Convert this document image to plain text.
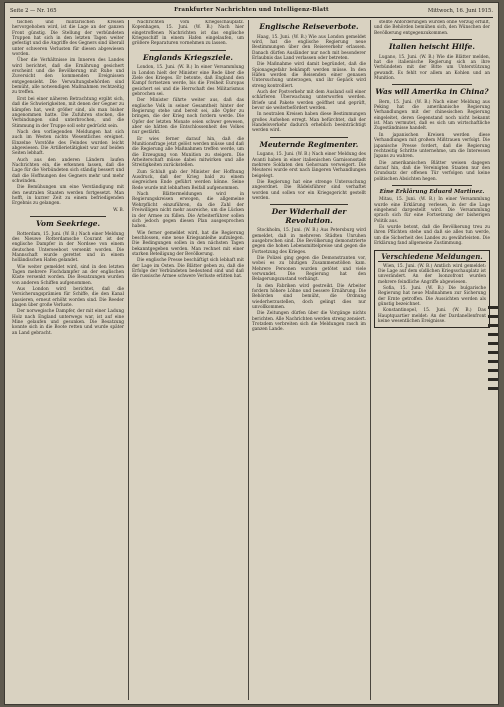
Seite 2 — Nr. 165	Frankfurter Nachrichten und Intelligenz-Blatt	Mittwoch, 16. Juni 1915.

tischen und militärischen Kreisen hervorgehoben wird, ist die Lage an der ganzen Front günstig. Die Stellung der verbündeten Truppen hat sich in den letzten Tagen weiter gefestigt und die Angriffe des Gegners sind überall unter schweren Verlusten für diesen abgewiesen worden.

Über die Verhältnisse im Inneren des Landes wird berichtet, daß die Ernährung gesichert erscheint und die Bevölkerung mit Ruhe und Zuversicht den kommenden Ereignissen entgegensieht. Die Verwaltungsbehörden sind bemüht, alle notwendigen Maßnahmen rechtzeitig zu treffen.

Erst bei einer näheren Betrachtung ergibt sich, daß die Schwierigkeiten, mit denen der Gegner zu kämpfen hat, weit größer sind, als man bisher angenommen hatte. Die Zufuhren stocken, die Verbindungen sind unterbrochen, und die Stimmung in der Truppe soll sehr gedrückt sein.

Nach den vorliegenden Meldungen hat sich auch im Westen nichts Wesentliches ereignet. Einzelne Vorstöße des Feindes wurden leicht abgewiesen. Die Artillerietätigkeit war auf beiden Seiten lebhaft.

Auch aus den anderen Ländern laufen Nachrichten ein, die erkennen lassen, daß die Lage für die Verbündeten sich ständig bessert und daß die Hoffnungen des Gegners mehr und mehr schwinden.

Die Bemühungen um eine Verständigung mit den neutralen Staaten werden fortgesetzt. Man hofft, in kurzer Zeit zu einem befriedigenden Ergebnis zu gelangen.

W. B.

Vom Seekriege.

Rotterdam, 15. Juni. (W. B.) Nach einer Meldung des Nieuwe Rotterdamsche Courant ist der englische Dampfer in der Nordsee von einem deutschen Unterseeboot versenkt worden. Die Mannschaft wurde gerettet und in einem holländischen Hafen gelandet.

Wie weiter gemeldet wird, sind in den letzten Tagen mehrere Fischdampfer an der englischen Küste versenkt worden. Die Besatzungen wurden von anderen Schiffen aufgenommen.

Aus London wird berichtet, daß die Versicherungsprämien für Schiffe, die den Kanal passieren, erneut erhöht worden sind. Die Reeder klagen über große Verluste.

Der norwegische Dampfer, der mit einer Ladung Holz nach England unterwegs war, ist auf eine Mine gelaufen und gesunken. Die Besatzung konnte sich in die Boote retten und wurde später an Land gebracht.

Nachrichten vom Kriegsschauplatz. Kopenhagen, 15. Juni. (W. B.) Nach hier eingetroffenen Nachrichten ist das englische Kriegsschiff in einem Hafen eingelaufen, um größere Reparaturen vornehmen zu lassen.

Englands Kriegsziele.

London, 15. Juni. (W. B.) In einer Versammlung in London hielt der Minister eine Rede über die Ziele des Krieges. Er betonte, daß England den Kampf fortsetzen werde, bis die Freiheit Europas gesichert sei und die Herrschaft des Militarismus gebrochen sei.

Der Minister führte weiter aus, daß das englische Volk in seiner Gesamtheit hinter der Regierung stehe und bereit sei, alle Opfer zu bringen, die der Krieg noch fordern werde. Die Opfer der letzten Monate seien schwer gewesen, aber sie hätten die Entschlossenheit des Volkes nur gestärkt.

Er wies ferner darauf hin, daß die Munitionsfrage jetzt gelöst werden müsse und daß die Regierung alle Maßnahmen treffen werde, um die Erzeugung von Munition zu steigern. Die Arbeiterschaft müsse dabei mitwirken und alle Streitigkeiten zurückstellen.

Zum Schluß gab der Minister der Hoffnung Ausdruck, daß der Krieg bald zu einem siegreichen Ende geführt werden könne. Seine Rede wurde mit lebhaftem Beifall aufgenommen.

Nach Blättermeldungen wird in Regierungskreisen erwogen, die allgemeine Wehrpflicht einzuführen, da die Zahl der Freiwilligen nicht mehr ausreiche, um die Lücken in der Armee zu füllen. Die Arbeiterführer sollen sich jedoch gegen diesen Plan ausgesprochen haben.

Wie ferner gemeldet wird, hat die Regierung beschlossen, eine neue Kriegsanleihe aufzulegen. Die Bedingungen sollen in den nächsten Tagen bekanntgegeben werden. Man rechnet mit einer starken Beteiligung der Bevölkerung.

Die englische Presse beschäftigt sich lebhaft mit der Lage im Osten. Die Blätter geben zu, daß die Erfolge der Verbündeten bedeutend sind und daß die russische Armee schwere Verluste erlitten hat.

Englische Reiseverbote.

Haag, 15. Juni. (W. B.) Wie aus London gemeldet wird, hat die englische Regierung neue Bestimmungen über den Reiseverkehr erlassen. Danach dürfen Ausländer nur noch mit besonderer Erlaubnis das Land verlassen oder betreten.

Die Maßnahme wird damit begründet, daß die Spionagegefahr bekämpft werden müsse. In den Häfen werden die Reisenden einer genauen Untersuchung unterzogen, und ihr Gepäck wird streng kontrolliert.

Auch der Postverkehr mit dem Ausland soll einer schärferen Überwachung unterworfen werden. Briefe und Pakete werden geöffnet und geprüft, bevor sie weiterbefördert werden.

In neutralen Kreisen haben diese Bestimmungen großes Aufsehen erregt. Man befürchtet, daß der Handelsverkehr dadurch erheblich beeinträchtigt werden wird.

Meuternde Regimenter.

Lugano, 15. Juni. (W. B.) Nach einer Meldung des Avanti haben in einer italienischen Garnisonsstadt mehrere Soldaten den Gehorsam verweigert. Die Meuterei wurde erst nach längeren Verhandlungen beigelegt.

Die Regierung hat eine strenge Untersuchung angeordnet. Die Rädelsführer sind verhaftet worden und sollen vor ein Kriegsgericht gestellt werden.

Der Widerhall der Revolution.

Stockholm, 15. Juni. (W. B.) Aus Petersburg wird gemeldet, daß in mehreren Städten Unruhen ausgebrochen sind. Die Bevölkerung demonstrierte gegen die hohen Lebensmittelpreise und gegen die Fortsetzung des Krieges.

Die Polizei ging gegen die Demonstranten vor, wobei es zu blutigen Zusammenstößen kam. Mehrere Personen wurden getötet und viele verwundet. Die Regierung hat den Belagerungszustand verhängt.

In den Fabriken wird gestreikt. Die Arbeiter fordern höhere Löhne und bessere Ernährung. Die Behörden sind bemüht, die Ordnung wiederherzustellen, doch gelingt dies nur unvollkommen.

Die Zeitungen dürfen über die Vorgänge nichts berichten. Alle Nachrichten werden streng zensiert. Trotzdem verbreiten sich die Meldungen rasch im ganzen Lande.

stellte Anforderungen wurden ohne Verzug erfüllt, und die Behörden bemühen sich, den Wünschen der Bevölkerung entgegenzukommen.

Italien heischt Hilfe.

Lugano, 15. Juni. (W. B.) Wie die Blätter melden, hat die italienische Regierung sich an ihre Verbündeten mit der Bitte um Unterstützung gewandt. Es fehlt vor allem an Kohlen und an Munition.

Was will Amerika in China?

Bern, 15. Juni. (W. B.) Nach einer Meldung aus Peking hat die amerikanische Regierung Verhandlungen mit der chinesischen Regierung eingeleitet, deren Gegenstand noch nicht bekannt ist. Man vermutet, daß es sich um wirtschaftliche Zugeständnisse handelt.

In japanischen Kreisen werden diese Verhandlungen mit großem Mißtrauen verfolgt. Die japanische Presse fordert, daß die Regierung rechtzeitig Schritte unternehme, um die Interessen Japans zu wahren.

Die amerikanischen Blätter weisen dagegen darauf hin, daß die Vereinigten Staaten nur den Grundsatz der offenen Tür verfolgen und keine politischen Absichten hegen.

Eine Erklärung Eduard Martinez.

Mitau, 15. Juni. (W. B.) In einer Versammlung wurde eine Erklärung verlesen, in der die Lage eingehend dargestellt wird. Die Versammlung sprach sich für eine Fortsetzung der bisherigen Politik aus.

Es wurde betont, daß die Bevölkerung treu zu ihren Pflichten stehe und daß sie alles tun werde, um die Sicherheit des Landes zu gewährleisten. Die Erklärung fand allgemeine Zustimmung.

Verschiedene Meldungen.

Wien, 15. Juni. (W. B.) Amtlich wird gemeldet: Die Lage auf dem südlichen Kriegsschauplatz ist unverändert. An der Isonzofront wurden mehrere feindliche Angriffe abgewiesen.

Sofia, 15. Juni. (W. B.) Die bulgarische Regierung hat neue Maßnahmen zur Sicherung der Ernte getroffen. Die Aussichten werden als günstig bezeichnet.

Konstantinopel, 15. Juni. (W. B.) Das Hauptquartier meldet: An der Dardanellenfront keine wesentlichen Ereignisse.
